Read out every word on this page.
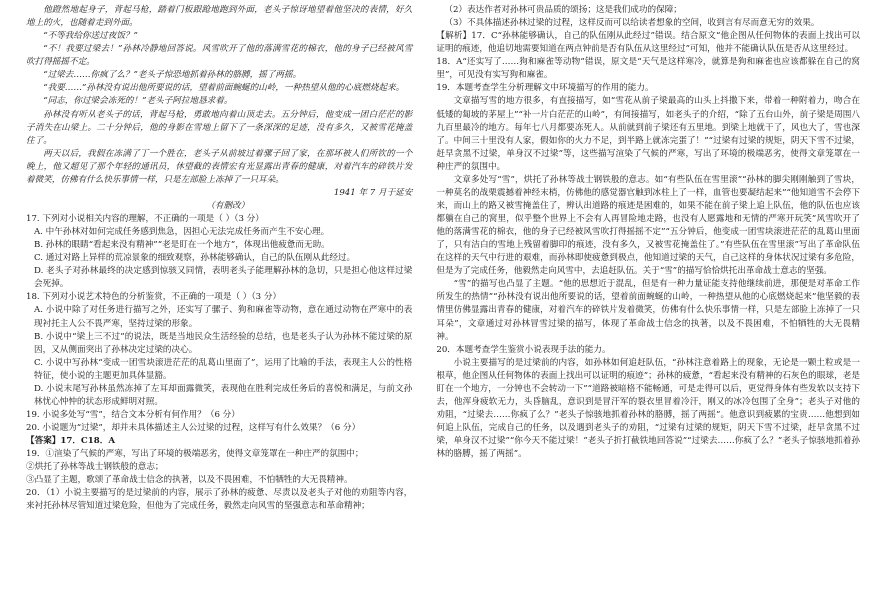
他蹬然地起身子，背起马枪，踏着门板跟跄地跑到外面，老头子惊讶地望着他坚决的表情，好久地上的火，也随着走到外面。

“不等我给你送过夜饭？”

“不！我要过梁去！”孙林冷静地回答说。风雪吹开了他的落满雪花的棉衣，他的身子已经被风雪吹打得摇摇不定。

“过梁去……你疯了么？”老头子惊恐地抓着孙林的胳膊，摇了两摇。

“我要……”孙林没有说出他所要说的话，望着前面蜿蜒的山岭，一种热望从他的心底燃烧起来。

“同志，你过梁会冻死的！”老头子阿拉地恳求着。

孙林没有听从老头子的话，背起马枪，勇敢地向着山顶走去。五分钟后，他变成一团白茫茫的影子消失在山梁上。二十分钟后，他的身影在雪地上留下了一条深深的足迹，没有多久，又被雪花掩盖住了。

两天以后，我假在冻满了丁一个胜在，老头子从前坡过着骡子回了家，在那坏被人们所钦的一个晚上，他又超见了那个年轻的通讯员，休望截的表情宏有光显露出青春的健康，对着汽车的碎铁片发着微笑，仿佛有什么快乐事情一样，只是左部脸上冻掉了一只耳朵。

1941 年 7 月于延安

（有删改）

17. 下列对小说相关内容的理解，不正确的一项是（ ）（3 分）

A. 中午孙林对如何完成任务感到焦急，因担心无法完成任务而产生不安心理。

B. 孙林的眼睛“看起来没有精神”“老是盯在一个地方”，体现出他疲惫而无助。

C. 通过对路上异样的荒凉景象的细致观察，孙林能够确认，自己的队伍刚从此经过。

D. 老头子对孙林最终的决定感到惊骇又同情，表明老头子能理解孙林的急切，只是担心他这样过梁会死掉。

18. 下列对小说艺术特色的分析鉴赏，不正确的一项是（ ）（3 分）

A. 小说中除了对任务进行描写之外，还实写了骡子、狗和麻雀等动物，意在通过动物在严寒中的表现衬托主人公不畏严寒，坚持过梁的形象。

B. 小说中“梁上三不过”的说法，既是当地民众生活经验的总结，也是老头子认为孙林不能过梁的原因，又从侧面突出了孙林决定过梁的决心。

C. 小说中写孙林“变成一团雪块滚进茫茫的乱葛山里面了”，运用了比喻的手法，表现主人公的性格特征，使小说的主题更加具体显豁。

D. 小说末尾写孙林虽然冻掉了左耳却面露微笑，表现他在胜利完成任务后的喜悦和满足，与前文孙林忧心忡忡的状态形成鲜明对照。

19. 小说多处写“雪”，结合文本分析有何作用？（6 分）

20. 小说题为“过梁”，却并未具体描述主人公过梁的过程，这样写有什么效果？（6 分）

【答案】17．C18．A

19．①渲染了气候的严寒，写出了环境的极端恶劣，使得文章笼罩在一种庄严的氛围中；

②烘托了孙林等战士钢铁般的意志；

③凸显了主题，歌颂了革命战士信念的执著，以及不畏困难，不怕牺牲的大无畏精神。

20．（1）小说主要描写的是过梁前的内容，展示了孙林的疲惫、尽责以及老头子对他的劝阻等内容，来衬托孙林尽管知道过梁危险，但他为了完成任务，毅然走向风雪的坚强意志和革命精神；

（2）表达作者对孙林可贵品质的颂扬；这是我们成功的保障；

（3）不具体描述孙林过梁的过程，这样反而可以给读者想象的空间，收到言有尽而意无穷的效果。

【解析】17．C“孙林能够确认，自己的队伍刚从此经过”错误。结合原文“他企图从任何物体的表面上找出可以证明的痕迹，他追切地需要知道在两点钟前是否有队伍从这里经过”可知，他并不能确认队伍是否从这里经过。

18．A“还实写了……狗和麻雀等动物”错误，原文是“天气是这样寒冷，就算是狗和麻雀也应该都躲在自己的窝里”，可见没有实写狗和麻雀。

19．本题考查学生分析理解文中环境描写的作用的能力。

文章描写雪的地方很多，有直接描写，如“雪花从前子梁最高的山头上抖撒下来，带着一种附着力，吻合在低矮的匐坡的茅屋上”“补一片白茫茫的山岭”，有间接描写，如老头子的介绍，“除了五台山外，前子梁是周围八九百里最冷的地方。每年七八月都要冻死人。从前就到前子梁还有五里地。到梁上地就干了，风也大了，雪也深了。中间三十里没有人家，假如你的火力不足，到半路上就冻完蛋了！”“过梁有过梁的规矩，阴天下雪不过梁，赶早贪黑不过梁，单身汉不过梁”等，这些描写渲染了气候的严寒，写出了环境的极端恶劣，使得文章笼罩在一种庄严的氛围中。

文章多处写“雪”，烘托了孙林等战士钢铁般的意志。如“有些队伍在雪里滚”“孙林的脚尖刚刚触到了雪块，一种莫名的战栗震撼着神经末梢，仿佛他的感觉器官触到冰柱上了一样，血管也要凝结起来”“他知道雪不会停下来，而山上的路又被雪掩盖住了，辨认出道路的痕迹是困难的，如果不能在前子梁上追上队伍，他的队伍也应该都躺在自己的窝里，似乎整个世界上不会有人再冒险地走路，也没有人愿露地和无情的严寒开玩笑”风雪吹开了他的落满雪花的棉衣，他的身子已经被风雪吹打得摇摇不定”“五分钟后，他变成一团雪块滚进茫茫的乱葛山里面了，只有洁白的雪地上残留着脚印的痕迹，没有多久，又被雪花掩盖住了。”有些队伍在雪里滚”写出了革命队伍在这样的天气中行进的艰难，而孙林即使疲惫到极点，他知道过梁的天气，自己这样的身体状况过梁有多危险，但是为了完成任务，他毅然走向风雪中，去追赶队伍。关于“雪”的描写恰恰烘托出革命战士意志的坚强。

“雪”的描写也凸显了主题。“他的思想近于混乱，但是有一种力量证能支持他继续前进，那便是对革命工作所发生的热情”“孙林没有说出他所要说的话，望着前面蜿蜒的山岭，一种热望从他的心底燃烧起来”他坚毅的表情里仿佛显露出青春的健康，对着汽车的碎铁片发着微笑，仿佛有什么快乐事情一样，只是左部脸上冻掉了一只耳朵”，文章通过对孙林冒雪过梁的描写，体现了革命战士信念的执著，以及不畏困难，不怕牺牲的大无畏精神。

20．本题考查学生鉴赏小说表现手法的能力。

小说主要描写的是过梁前的内容，如孙林如何追赶队伍，“孙林注意着路上的现象，无论是一颗土粒或是一根草，他企图从任何物体的表面上找出可以证明的痕迹”；孙林的疲惫，“看起来没有精神的石灰色的眼球，老是盯在一个地方，一分钟也不会转动一下”“道路被暗格不能畅通，可是走得可以后，更觉得身体有些发软以支持下去，他浑身疲软无力，头昏脑乱，意识到是冒汗军的裂衣里冒着冷汗，刚又的冰冷包围了全身”；老头子对他的劝阻，“过梁去……你疯了么？”老头子惊骇地抓着孙林的胳膊，摇了两摇”。他意识到疲累的宝贵……他想到如何追上队伍，完成自己的任务，以及遇到老头子的劝阻，“过梁有过梁的规矩，阴天下雪不过梁，赶早贪黑不过梁，单身汉不过梁”“你今天不能过梁！”老头子折打截铁地回答说”“过梁去……你疯了么？”老头子惊骇地抓着孙林的胳膊，摇了两摇”。
